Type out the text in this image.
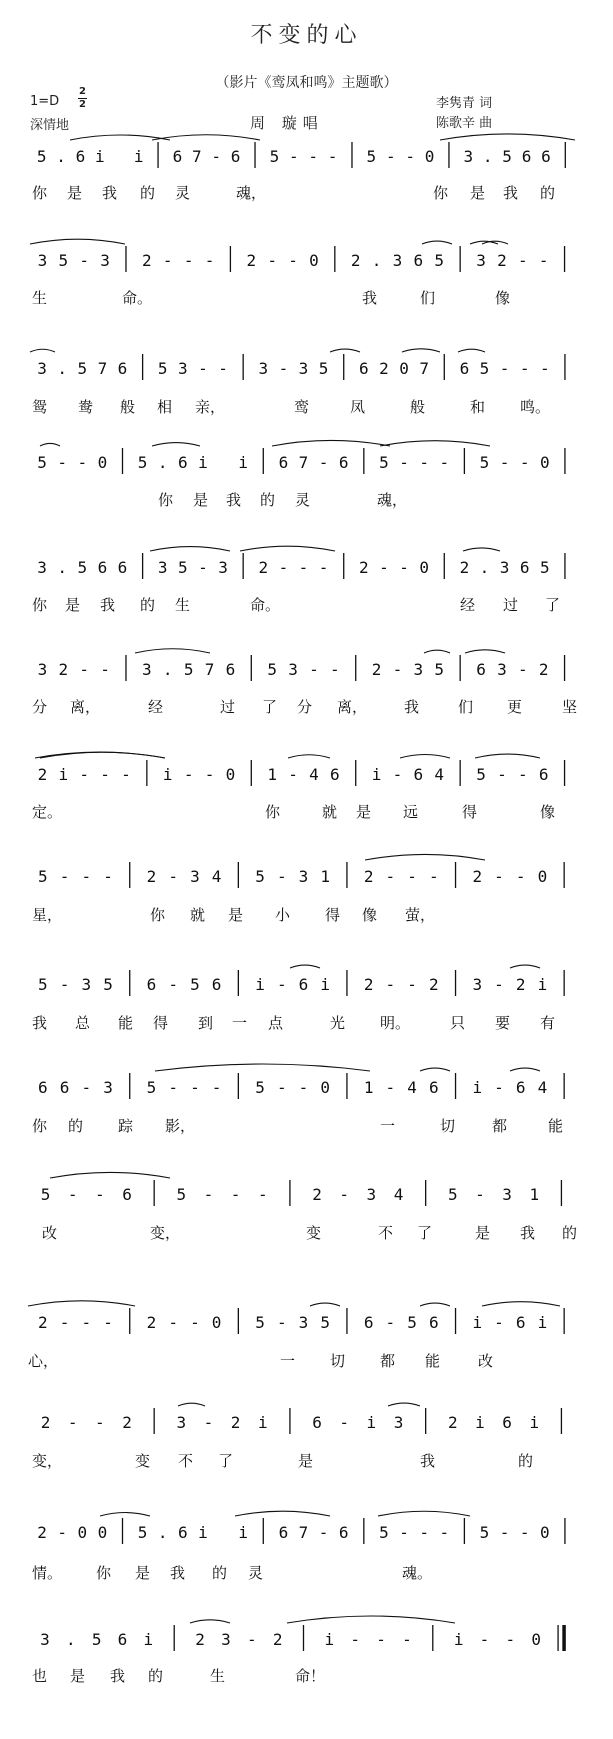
不变的心
（影片《鸾凤和鸣》主题歌）
1=D
2
2
深情地	周 璇唱
李隽青 词
陈歌辛 曲
5 . 6 i i 6 7 - 6 5 - - - 5 - - 0 3 . 5 6 6
你 是 我 的 灵	魂，	你 是 我 的
3 5 - 3 2 - - - 2 - - 0 2 . 3 6 5 3 2 - -
生	命。	我	们	像
3 . 5 7 6 5 3 - - 3 - 3 5 6 2 0 7 6 5 - - -
鸳 鸯 般 相 亲，	鸾	凤	般	和 鸣。
5 - - 0 5 . 6 i i 6 7 - 6 5 - - - 5 - - 0
你 是 我 的 灵	魂，
3 . 5 6 6 3 5 - 3 2 - - - 2 - - 0 2 . 3 6 5
你 是 我 的 生	命。	经 过 了
3 2 - - 3 . 5 7 6 5 3 - - 2 - 3 5 6 3 - 2
分 离，	经	过 了 分 离， 我	们 更	坚
2 i - - - i - - 0 1 - 4 6 i - 6 4 5 - - 6
定。	你	就 是 远	得	像
5 - - - 2 - 3 4 5 - 3 1 2 - - - 2 - - 0
星，	你 就 是 小 得 像 萤，
5 - 3 5 6 - 5 6 i - 6 i 2 - - 2 3 - 2 i
我 总 能 得 到 一 点	光 明。	只 要 有
6 6 - 3 5 - - - 5 - - 0 1 - 4 6 i - 6 4
你 的 踪 影，	一	切 都	能
5 - - 6	5 - - -	2 - 3 4	5 - 3 1
改	变，	变	不 了	是 我 的
2 - - - 2 - - 0 5 - 3 5 6 - 5 6 i - 6 i
心，	一 切 都 能	改
2 - - 2	3 - 2 i	6 - i 3	2 i 6 i
变，	变 不 了	是	我	的
2 - 0 0 5 . 6 i i 6 7 - 6 5 - - - 5 - - 0
情。 你 是 我 的 灵	魂。
3 . 5 6 i	2 3 - 2	i - - -	i - - 0
也 是 我 的	生	命！
